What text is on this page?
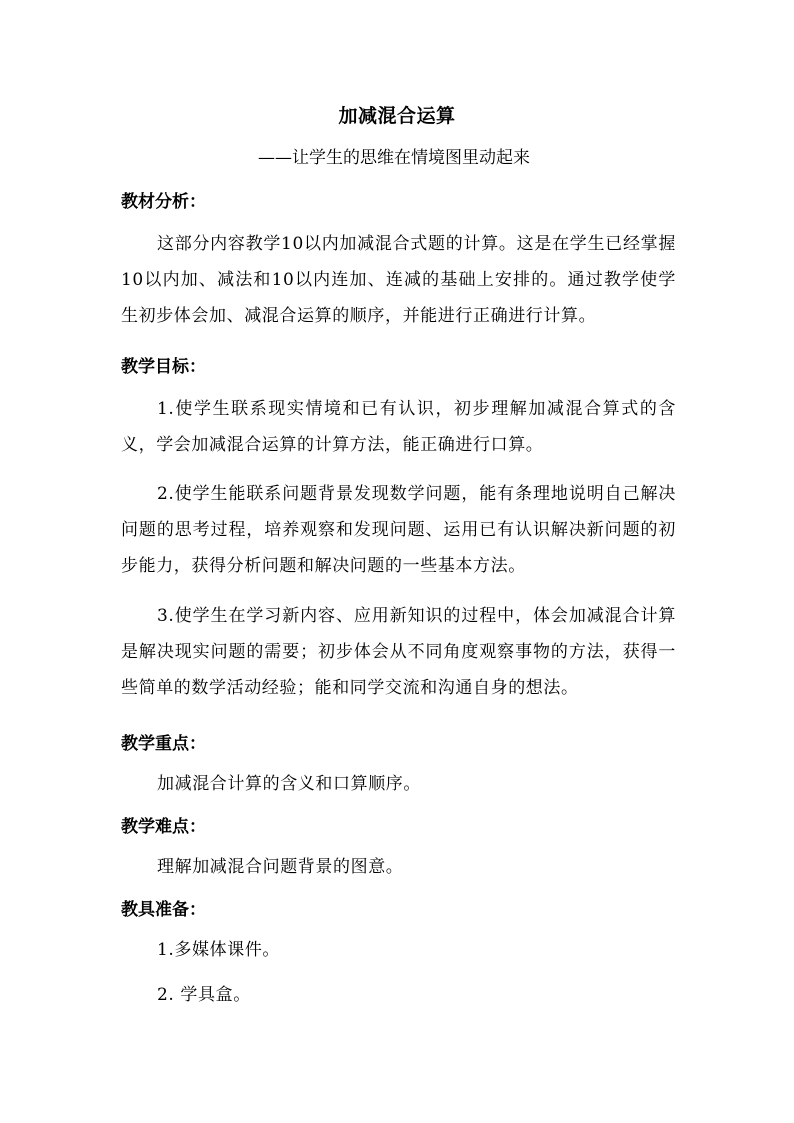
加减混合运算
——让学生的思维在情境图里动起来
教材分析：
这部分内容教学10以内加减混合式题的计算。这是在学生已经掌握10以内加、减法和10以内连加、连减的基础上安排的。通过教学使学生初步体会加、减混合运算的顺序，并能进行正确进行计算。
教学目标：
1.使学生联系现实情境和已有认识，初步理解加减混合算式的含义，学会加减混合运算的计算方法，能正确进行口算。
2.使学生能联系问题背景发现数学问题，能有条理地说明自己解决问题的思考过程，培养观察和发现问题、运用已有认识解决新问题的初步能力，获得分析问题和解决问题的一些基本方法。
3.使学生在学习新内容、应用新知识的过程中，体会加减混合计算是解决现实问题的需要；初步体会从不同角度观察事物的方法，获得一些简单的数学活动经验；能和同学交流和沟通自身的想法。
教学重点：
加减混合计算的含义和口算顺序。
教学难点：
理解加减混合问题背景的图意。
教具准备：
1.多媒体课件。
2. 学具盒。
